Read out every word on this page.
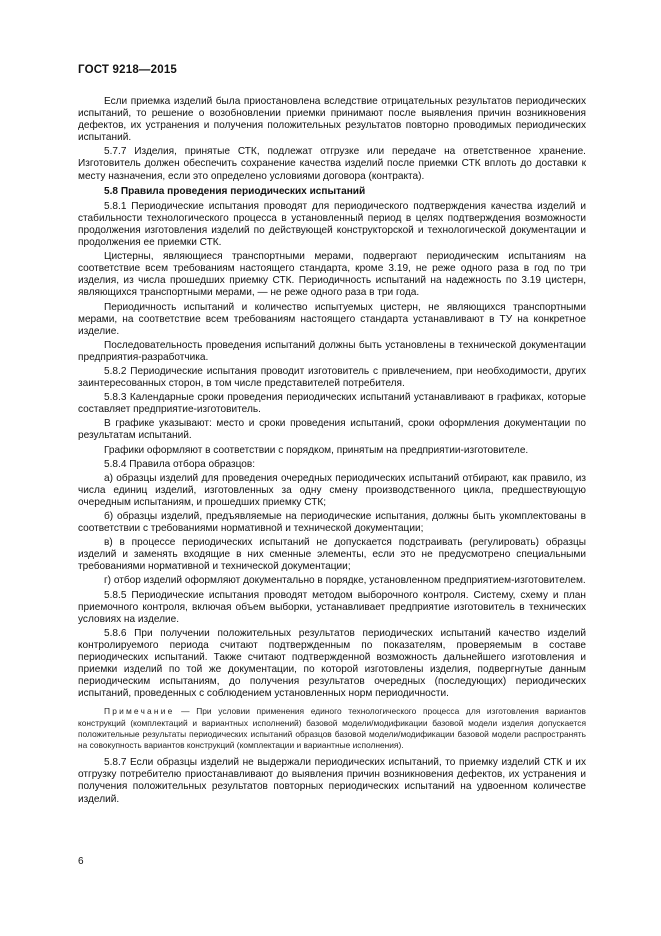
ГОСТ 9218—2015

Если приемка изделий была приостановлена вследствие отрицательных результатов периодических испытаний, то решение о возобновлении приемки принимают после выявления причин возникновения дефектов, их устранения и получения положительных результатов повторно проводимых периодических испытаний.

5.7.7 Изделия, принятые СТК, подлежат отгрузке или передаче на ответственное хранение. Изготовитель должен обеспечить сохранение качества изделий после приемки СТК вплоть до доставки к месту назначения, если это определено условиями договора (контракта).

5.8 Правила проведения периодических испытаний

5.8.1 Периодические испытания проводят для периодического подтверждения качества изделий и стабильности технологического процесса в установленный период в целях подтверждения возможности продолжения изготовления изделий по действующей конструкторской и технологической документации и продолжения ее приемки СТК.

Цистерны, являющиеся транспортными мерами, подвергают периодическим испытаниям на соответствие всем требованиям настоящего стандарта, кроме 3.19, не реже одного раза в год по три изделия, из числа прошедших приемку СТК. Периодичность испытаний на надежность по 3.19 цистерн, являющихся транспортными мерами, — не реже одного раза в три года.

Периодичность испытаний и количество испытуемых цистерн, не являющихся транспортными мерами, на соответствие всем требованиям настоящего стандарта устанавливают в ТУ на конкретное изделие.

Последовательность проведения испытаний должны быть установлены в технической документации предприятия-разработчика.

5.8.2 Периодические испытания проводит изготовитель с привлечением, при необходимости, других заинтересованных сторон, в том числе представителей потребителя.

5.8.3 Календарные сроки проведения периодических испытаний устанавливают в графиках, которые составляет предприятие-изготовитель.

В графике указывают: место и сроки проведения испытаний, сроки оформления документации по результатам испытаний.

Графики оформляют в соответствии с порядком, принятым на предприятии-изготовителе.

5.8.4 Правила отбора образцов:

а) образцы изделий для проведения очередных периодических испытаний отбирают, как правило, из числа единиц изделий, изготовленных за одну смену производственного цикла, предшествующую очередным испытаниям, и прошедших приемку СТК;

б) образцы изделий, предъявляемые на периодические испытания, должны быть укомплектованы в соответствии с требованиями нормативной и технической документации;

в) в процессе периодических испытаний не допускается подстраивать (регулировать) образцы изделий и заменять входящие в них сменные элементы, если это не предусмотрено специальными требованиями нормативной и технической документации;

г) отбор изделий оформляют документально в порядке, установленном предприятием-изготовителем.

5.8.5 Периодические испытания проводят методом выборочного контроля. Систему, схему и план приемочного контроля, включая объем выборки, устанавливает предприятие изготовитель в технических условиях на изделие.

5.8.6 При получении положительных результатов периодических испытаний качество изделий контролируемого периода считают подтвержденным по показателям, проверяемым в составе периодических испытаний. Также считают подтвержденной возможность дальнейшего изготовления и приемки изделий по той же документации, по которой изготовлены изделия, подвергнутые данным периодическим испытаниям, до получения результатов очередных (последующих) периодических испытаний, проведенных с соблюдением установленных норм периодичности.

Примечание — При условии применения единого технологического процесса для изготовления вариантов конструкций (комплектаций и вариантных исполнений) базовой модели/модификации базовой модели изделия допускается положительные результаты периодических испытаний образцов базовой модели/модификации базовой модели распространять на совокупность вариантов конструкций (комплектации и вариантные исполнения).

5.8.7 Если образцы изделий не выдержали периодических испытаний, то приемку изделий СТК и их отгрузку потребителю приостанавливают до выявления причин возникновения дефектов, их устранения и получения положительных результатов повторных периодических испытаний на удвоенном количестве изделий.

6
